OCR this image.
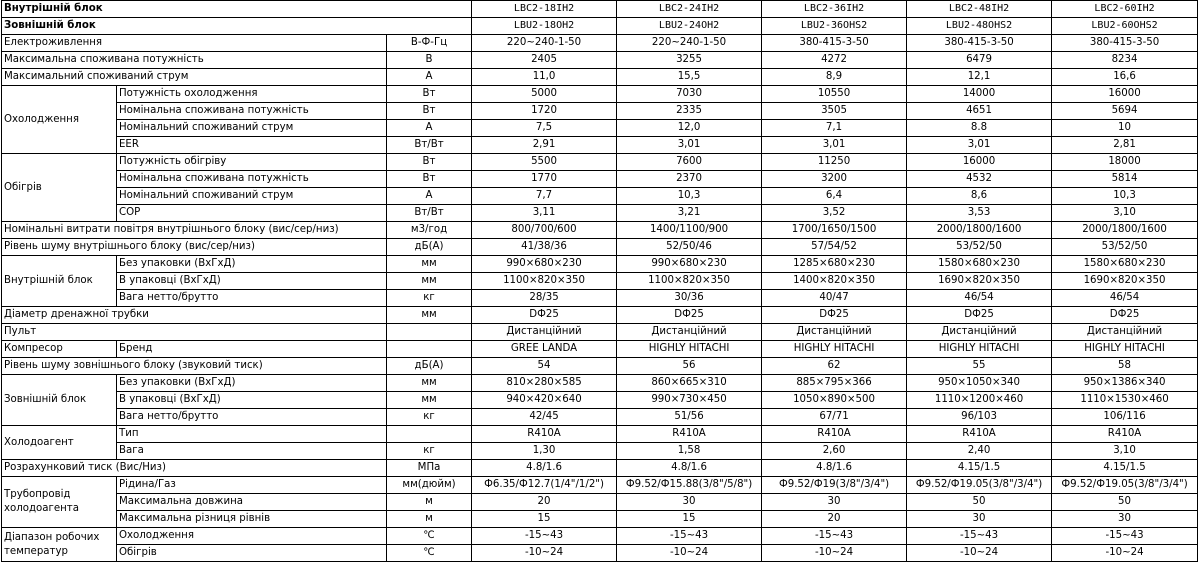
Внутрішній блок			LBC2-18IH2	LBC2-24IH2	LBC2-36IH2	LBC2-48IH2	LBC2-60IH2
Зовнішній блок			LBU2-18OH2	LBU2-24OH2	LBU2-36OHS2	LBU2-48OHS2	LBU2-60OHS2
Електроживлення		В-Ф-Гц	220~240-1-50	220~240-1-50	380-415-3-50	380-415-3-50	380-415-3-50
Максимальна споживана потужність		В	2405	3255	4272	6479	8234
Максимальний споживаний струм		А	11,0	15,5	8,9	12,1	16,6
Охолодження	Потужність охолодження	Вт	5000	7030	10550	14000	16000
	Номінальна споживана потужність	Вт	1720	2335	3505	4651	5694
	Номінальний споживаний струм	А	7,5	12,0	7,1	8.8	10
	EER	Вт/Вт	2,91	3,01	3,01	3,01	2,81
Обігрів	Потужність обігріву	Вт	5500	7600	11250	16000	18000
	Номінальна споживана потужність	Вт	1770	2370	3200	4532	5814
	Номінальний споживаний струм	А	7,7	10,3	6,4	8,6	10,3
	COP	Вт/Вт	3,11	3,21	3,52	3,53	3,10
Номінальні витрати повітря внутрішнього блоку (вис/сер/низ)		м3/год	800/700/600	1400/1100/900	1700/1650/1500	2000/1800/1600	2000/1800/1600
Рівень шуму внутрішнього блоку (вис/сер/низ)		дБ(А)	41/38/36	52/50/46	57/54/52	53/52/50	53/52/50
Внутрішній блок	Без упаковки (ВхГхД)	мм	990×680×230	990×680×230	1285×680×230	1580×680×230	1580×680×230
	В упаковці (ВхГхД)	мм	1100×820×350	1100×820×350	1400×820×350	1690×820×350	1690×820×350
	Вага нетто/брутто	кг	28/35	30/36	40/47	46/54	46/54
Діаметр дренажної трубки		мм	DФ25	DФ25	DФ25	DФ25	DФ25
Пульт			Дистанційний	Дистанційний	Дистанційний	Дистанційний	Дистанційний
Компресор	Бренд		GREE LANDA	HIGHLY HITACHI	HIGHLY HITACHI	HIGHLY HITACHI	HIGHLY HITACHI
Рівень шуму зовнішнього блоку (звуковий тиск)		дБ(А)	54	56	62	55	58
Зовнішній блок	Без упаковки (ВхГхД)	мм	810×280×585	860×665×310	885×795×366	950×1050×340	950×1386×340
	В упаковці (ВхГхД)	мм	940×420×640	990×730×450	1050×890×500	1110×1200×460	1110×1530×460
	Вага нетто/брутто	кг	42/45	51/56	67/71	96/103	106/116
Холодоагент	Тип		R410A	R410A	R410A	R410A	R410A
	Вага	кг	1,30	1,58	2,60	2,40	3,10
Розрахунковий тиск (Вис/Низ)		МПа	4.8/1.6	4.8/1.6	4.8/1.6	4.15/1.5	4.15/1.5
Трубопровід холодоагента	Рідина/Газ	мм(дюйм)	Ф6.35/Ф12.7(1/4"/1/2")	Ф9.52/Ф15.88(3/8"/5/8")	Ф9.52/Ф19(3/8"/3/4")	Ф9.52/Ф19.05(3/8"/3/4")	Ф9.52/Ф19.05(3/8"/3/4")
	Максимальна довжина	м	20	30	30	50	50
	Максимальна різниця рівнів	м	15	15	20	30	30
Діапазон робочих температур	Охолодження	℃	-15~43	-15~43	-15~43	-15~43	-15~43
	Обігрів	℃	-10~24	-10~24	-10~24	-10~24	-10~24
